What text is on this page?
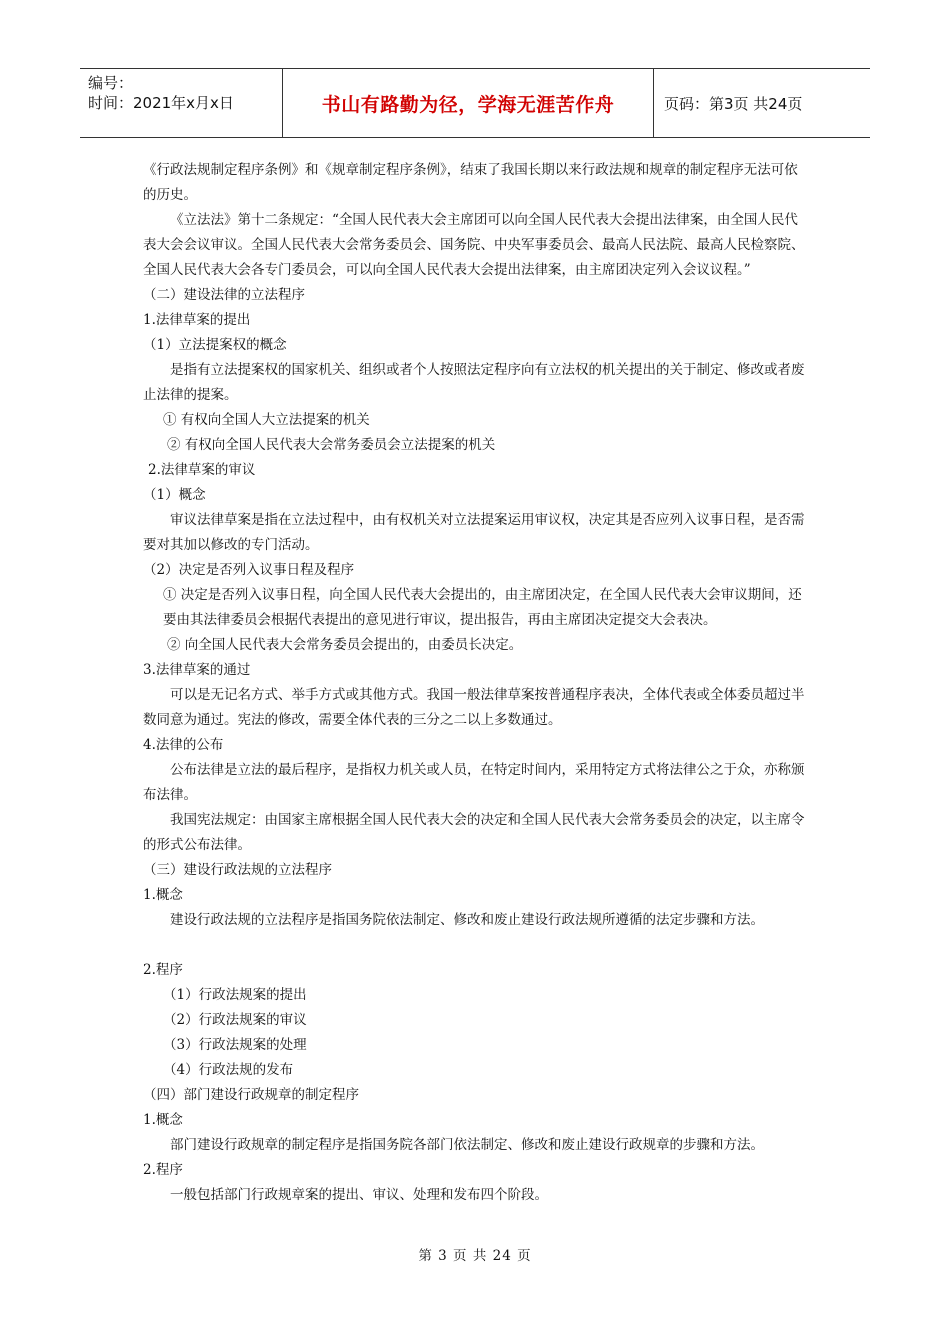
编号：
时间：2021年x月x日	书山有路勤为径，学海无涯苦作舟	页码：第3页 共24页

《行政法规制定程序条例》和《规章制定程序条例》，结束了我国长期以来行政法规和规章的制定程序无法可依的历史。

《立法法》第十二条规定：“全国人民代表大会主席团可以向全国人民代表大会提出法律案，由全国人民代表大会会议审议。全国人民代表大会常务委员会、国务院、中央军事委员会、最高人民法院、最高人民检察院、全国人民代表大会各专门委员会，可以向全国人民代表大会提出法律案，由主席团决定列入会议议程。”

（二）建设法律的立法程序

1.法律草案的提出

（1）立法提案权的概念

是指有立法提案权的国家机关、组织或者个人按照法定程序向有立法权的机关提出的关于制定、修改或者废止法律的提案。

① 有权向全国人大立法提案的机关

② 有权向全国人民代表大会常务委员会立法提案的机关

2.法律草案的审议

（1）概念

审议法律草案是指在立法过程中，由有权机关对立法提案运用审议权，决定其是否应列入议事日程，是否需要对其加以修改的专门活动。

（2）决定是否列入议事日程及程序

① 决定是否列入议事日程，向全国人民代表大会提出的，由主席团决定，在全国人民代表大会审议期间，还要由其法律委员会根据代表提出的意见进行审议，提出报告，再由主席团决定提交大会表决。

② 向全国人民代表大会常务委员会提出的，由委员长决定。

3.法律草案的通过

可以是无记名方式、举手方式或其他方式。我国一般法律草案按普通程序表决，全体代表或全体委员超过半数同意为通过。宪法的修改，需要全体代表的三分之二以上多数通过。

4.法律的公布

公布法律是立法的最后程序，是指权力机关或人员，在特定时间内，采用特定方式将法律公之于众，亦称颁布法律。

我国宪法规定：由国家主席根据全国人民代表大会的决定和全国人民代表大会常务委员会的决定，以主席令的形式公布法律。

（三）建设行政法规的立法程序

1.概念

建设行政法规的立法程序是指国务院依法制定、修改和废止建设行政法规所遵循的法定步骤和方法。

2.程序

（1）行政法规案的提出

（2）行政法规案的审议

（3）行政法规案的处理

（4）行政法规的发布

（四）部门建设行政规章的制定程序

1.概念

部门建设行政规章的制定程序是指国务院各部门依法制定、修改和废止建设行政规章的步骤和方法。

2.程序

一般包括部门行政规章案的提出、审议、处理和发布四个阶段。

第 3 页 共 24 页
